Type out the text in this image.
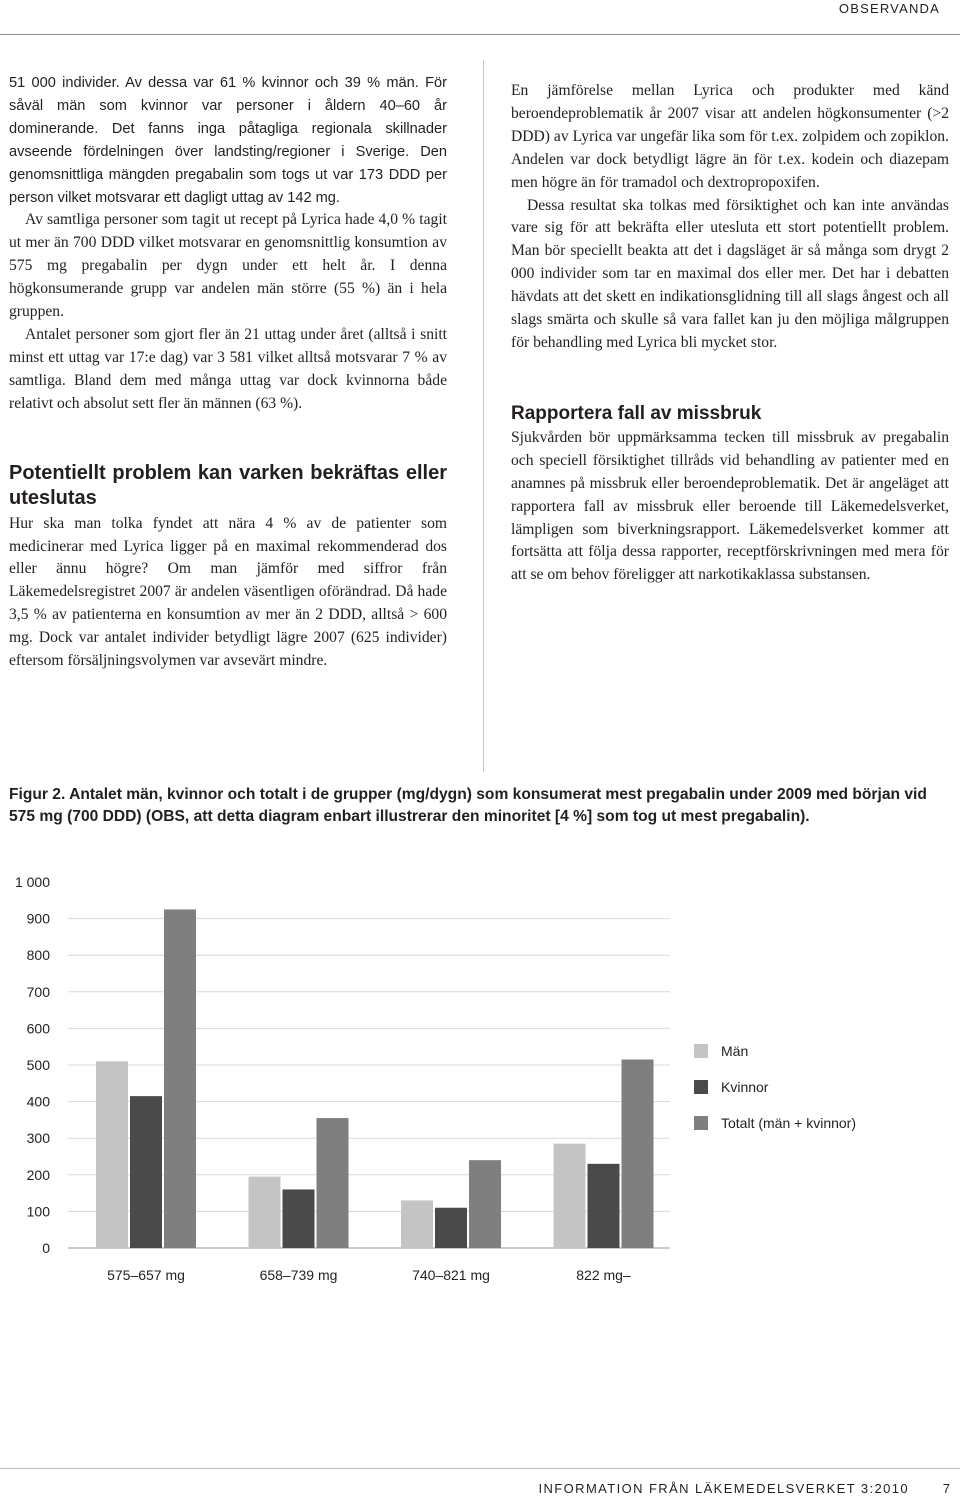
OBSERVANDA

51 000 individer. Av dessa var 61 % kvinnor och 39 % män. För såväl män som kvinnor var personer i åldern 40–60 år dominerande. Det fanns inga påtagliga regionala skillnader avseende fördelningen över landsting/regioner i Sverige. Den genomsnittliga mängden pregabalin som togs ut var 173 DDD per person vilket motsvarar ett dagligt uttag av 142 mg.

Av samtliga personer som tagit ut recept på Lyrica hade 4,0 % tagit ut mer än 700 DDD vilket motsvarar en genomsnittlig konsumtion av 575 mg pregabalin per dygn under ett helt år. I denna högkonsumerande grupp var andelen män större (55 %) än i hela gruppen.

Antalet personer som gjort fler än 21 uttag under året (alltså i snitt minst ett uttag var 17:e dag) var 3 581 vilket alltså motsvarar 7 % av samtliga. Bland dem med många uttag var dock kvinnorna både relativt och absolut sett fler än männen (63 %).

Potentiellt problem kan varken bekräftas eller uteslutas

Hur ska man tolka fyndet att nära 4 % av de patienter som medicinerar med Lyrica ligger på en maximal rekommenderad dos eller ännu högre? Om man jämför med siffror från Läkemedelsregistret 2007 är andelen väsentligen oförändrad. Då hade 3,5 % av patienterna en konsumtion av mer än 2 DDD, alltså > 600 mg. Dock var antalet individer betydligt lägre 2007 (625 individer) eftersom försäljningsvolymen var avsevärt mindre.

En jämförelse mellan Lyrica och produkter med känd beroendeproblematik år 2007 visar att andelen högkonsumenter (>2 DDD) av Lyrica var ungefär lika som för t.ex. zolpidem och zopiklon. Andelen var dock betydligt lägre än för t.ex. kodein och diazepam men högre än för tramadol och dextropropoxifen.

Dessa resultat ska tolkas med försiktighet och kan inte användas vare sig för att bekräfta eller utesluta ett stort potentiellt problem. Man bör speciellt beakta att det i dagsläget är så många som drygt 2 000 individer som tar en maximal dos eller mer. Det har i debatten hävdats att det skett en indikationsglidning till all slags ångest och all slags smärta och skulle så vara fallet kan ju den möjliga målgruppen för behandling med Lyrica bli mycket stor.

Rapportera fall av missbruk

Sjukvården bör uppmärksamma tecken till missbruk av pregabalin och speciell försiktighet tillråds vid behandling av patienter med en anamnes på missbruk eller beroendeproblematik. Det är angeläget att rapportera fall av missbruk eller beroende till Läkemedelsverket, lämpligen som biverkningsrapport. Läkemedelsverket kommer att fortsätta att följa dessa rapporter, receptförskrivningen med mera för att se om behov föreligger att narkotikaklassa substansen.

Figur 2. Antalet män, kvinnor och totalt i de grupper (mg/dygn) som konsumerat mest pregabalin under 2009 med början vid 575 mg (700 DDD) (OBS, att detta diagram enbart illustrerar den minoritet [4 %] som tog ut mest pregabalin).
0
100
200
300
400
500
600
700
800
900
1 000
575–657 mg	658–739 mg	740–821 mg	822 mg–
Män
Kvinnor
Totalt (män + kvinnor)
INFORMATION FRÅN LÄKEMEDELSVERKET 3:2010	7
